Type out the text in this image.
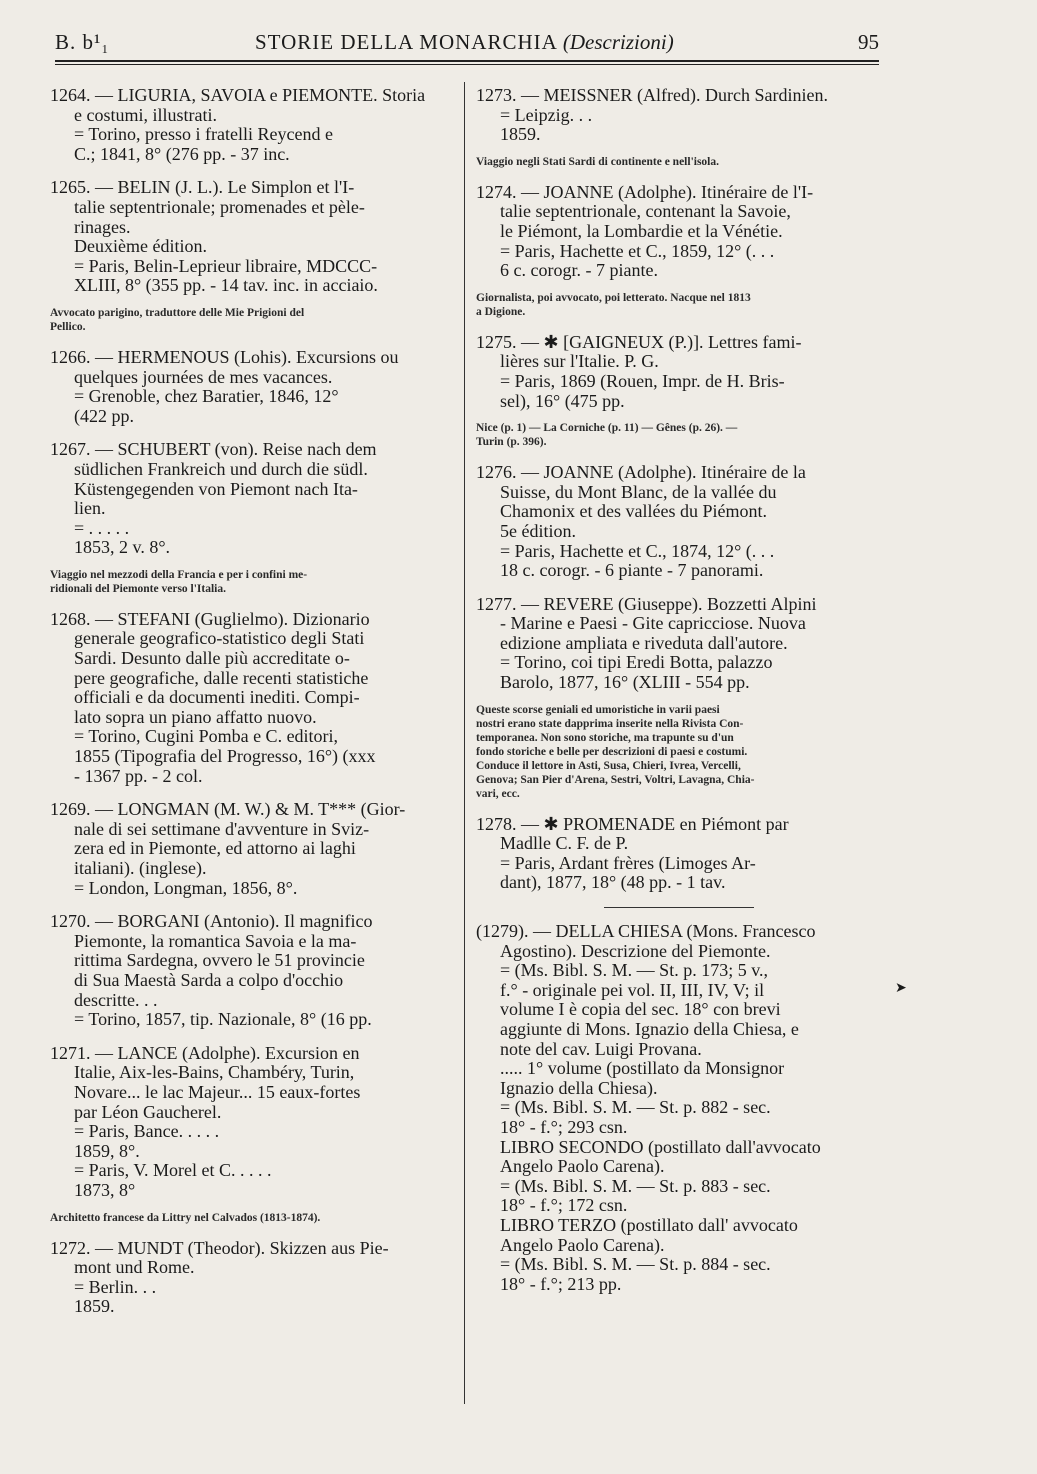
B. b¹₁	STORIE DELLA MONARCHIA (Descrizioni)	95
1264. — LIGURIA, SAVOIA e PIEMONTE. Storia
e costumi, illustrati.
= Torino, presso i fratelli Reycend e
C.; 1841, 8° (276 pp. - 37 inc.
1265. — BELIN (J. L.). Le Simplon et l'I-
talie septentrionale; promenades et pèle-
rinages.
Deuxième édition.
= Paris, Belin-Leprieur libraire, MDCCC-
XLIII, 8° (355 pp. - 14 tav. inc. in acciaio.
Avvocato parigino, traduttore delle Mie Prigioni del
Pellico.
1266. — HERMENOUS (Lohis). Excursions ou
quelques journées de mes vacances.
= Grenoble, chez Baratier, 1846, 12°
(422 pp.
1267. — SCHUBERT (von). Reise nach dem
südlichen Frankreich und durch die südl.
Küstengegenden von Piemont nach Ita-
lien.
= . . . . .
1853, 2 v. 8°.
Viaggio nel mezzodi della Francia e per i confini me-
ridionali del Piemonte verso l'Italia.
1268. — STEFANI (Guglielmo). Dizionario
generale geografico-statistico degli Stati
Sardi. Desunto dalle più accreditate o-
pere geografiche, dalle recenti statistiche
officiali e da documenti inediti. Compi-
lato sopra un piano affatto nuovo.
= Torino, Cugini Pomba e C. editori,
1855 (Tipografia del Progresso, 16°) (xxx
- 1367 pp. - 2 col.
1269. — LONGMAN (M. W.) & M. T*** (Gior-
nale di sei settimane d'avventure in Sviz-
zera ed in Piemonte, ed attorno ai laghi
italiani). (inglese).
= London, Longman, 1856, 8°.
1270. — BORGANI (Antonio). Il magnifico
Piemonte, la romantica Savoia e la ma-
rittima Sardegna, ovvero le 51 provincie
di Sua Maestà Sarda a colpo d'occhio
descritte. . .
= Torino, 1857, tip. Nazionale, 8° (16 pp.
1271. — LANCE (Adolphe). Excursion en
Italie, Aix-les-Bains, Chambéry, Turin,
Novare... le lac Majeur... 15 eaux-fortes
par Léon Gaucherel.
= Paris, Bance. . . . .
1859, 8°.
= Paris, V. Morel et C. . . . .
1873, 8°
Architetto francese da Littry nel Calvados (1813-1874).
1272. — MUNDT (Theodor). Skizzen aus Pie-
mont und Rome.
= Berlin. . .
1859.
1273. — MEISSNER (Alfred). Durch Sardinien.
= Leipzig. . .
1859.
Viaggio negli Stati Sardi di continente e nell'isola.
1274. — JOANNE (Adolphe). Itinéraire de l'I-
talie septentrionale, contenant la Savoie,
le Piémont, la Lombardie et la Vénétie.
= Paris, Hachette et C., 1859, 12° (. . .
6 c. corogr. - 7 piante.
Giornalista, poi avvocato, poi letterato. Nacque nel 1813
a Digione.
1275. — ✱ [GAIGNEUX (P.)]. Lettres fami-
lières sur l'Italie. P. G.
= Paris, 1869 (Rouen, Impr. de H. Bris-
sel), 16° (475 pp.
Nice (p. 1) — La Corniche (p. 11) — Gênes (p. 26). —
Turin (p. 396).
1276. — JOANNE (Adolphe). Itinéraire de la
Suisse, du Mont Blanc, de la vallée du
Chamonix et des vallées du Piémont.
5e édition.
= Paris, Hachette et C., 1874, 12° (. . .
18 c. corogr. - 6 piante - 7 panorami.
1277. — REVERE (Giuseppe). Bozzetti Alpini
- Marine e Paesi - Gite capricciose. Nuova
edizione ampliata e riveduta dall'autore.
= Torino, coi tipi Eredi Botta, palazzo
Barolo, 1877, 16° (XLIII - 554 pp.
Queste scorse geniali ed umoristiche in varii paesi
nostri erano state dapprima inserite nella Rivista Con-
temporanea. Non sono storiche, ma trapunte su d'un
fondo storiche e belle per descrizioni di paesi e costumi.
Conduce il lettore in Asti, Susa, Chieri, Ivrea, Vercelli,
Genova; San Pier d'Arena, Sestri, Voltri, Lavagna, Chia-
vari, ecc.
1278. — ✱ PROMENADE en Piémont par
Madlle C. F. de P.
= Paris, Ardant frères (Limoges Ar-
dant), 1877, 18° (48 pp. - 1 tav.
(1279). — DELLA CHIESA (Mons. Francesco
Agostino). Descrizione del Piemonte.
= (Ms. Bibl. S. M. — St. p. 173; 5 v.,
f.° - originale pei vol. II, III, IV, V; il
volume I è copia del sec. 18° con brevi
aggiunte di Mons. Ignazio della Chiesa, e
note del cav. Luigi Provana.
..... 1° volume (postillato da Monsignor
Ignazio della Chiesa).
= (Ms. Bibl. S. M. — St. p. 882 - sec.
18° - f.°; 293 csn.
LIBRO SECONDO (postillato dall'avvocato
Angelo Paolo Carena).
= (Ms. Bibl. S. M. — St. p. 883 - sec.
18° - f.°; 172 csn.
LIBRO TERZO (postillato dall' avvocato
Angelo Paolo Carena).
= (Ms. Bibl. S. M. — St. p. 884 - sec.
18° - f.°; 213 pp.
➤
